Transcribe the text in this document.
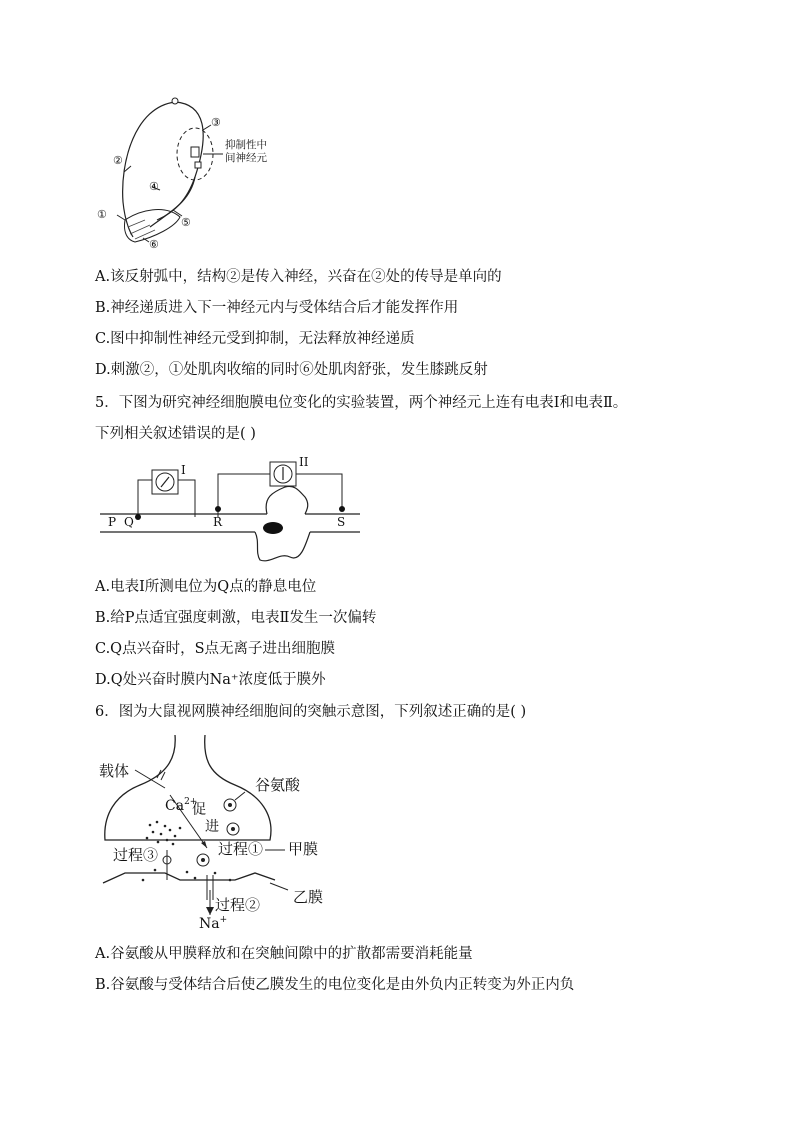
③
②
④
⑤
①
⑥
抑制性中
间神经元
A.该反射弧中，结构②是传入神经，兴奋在②处的传导是单向的
B.神经递质进入下一神经元内与受体结合后才能发挥作用
C.图中抑制性神经元受到抑制，无法释放神经递质
D.刺激②，①处肌肉收缩的同时⑥处肌肉舒张，发生膝跳反射
5．下图为研究神经细胞膜电位变化的实验装置，两个神经元上连有电表Ⅰ和电表Ⅱ。
下列相关叙述错误的是( )
I
II
P Q	R	S
A.电表I所测电位为Q点的静息电位
B.给P点适宜强度刺激，电表Ⅱ发生一次偏转
C.Q点兴奋时，S点无离子进出细胞膜
D.Q处兴奋时膜内Na⁺浓度低于膜外
6．图为大鼠视网膜神经细胞间的突触示意图，下列叙述正确的是( )
载体
谷氨酸
$Ca^{2+}$
促
进
过程①
过程③	甲膜
过程② 乙膜
Na+
A.谷氨酸从甲膜释放和在突触间隙中的扩散都需要消耗能量
B.谷氨酸与受体结合后使乙膜发生的电位变化是由外负内正转变为外正内负
